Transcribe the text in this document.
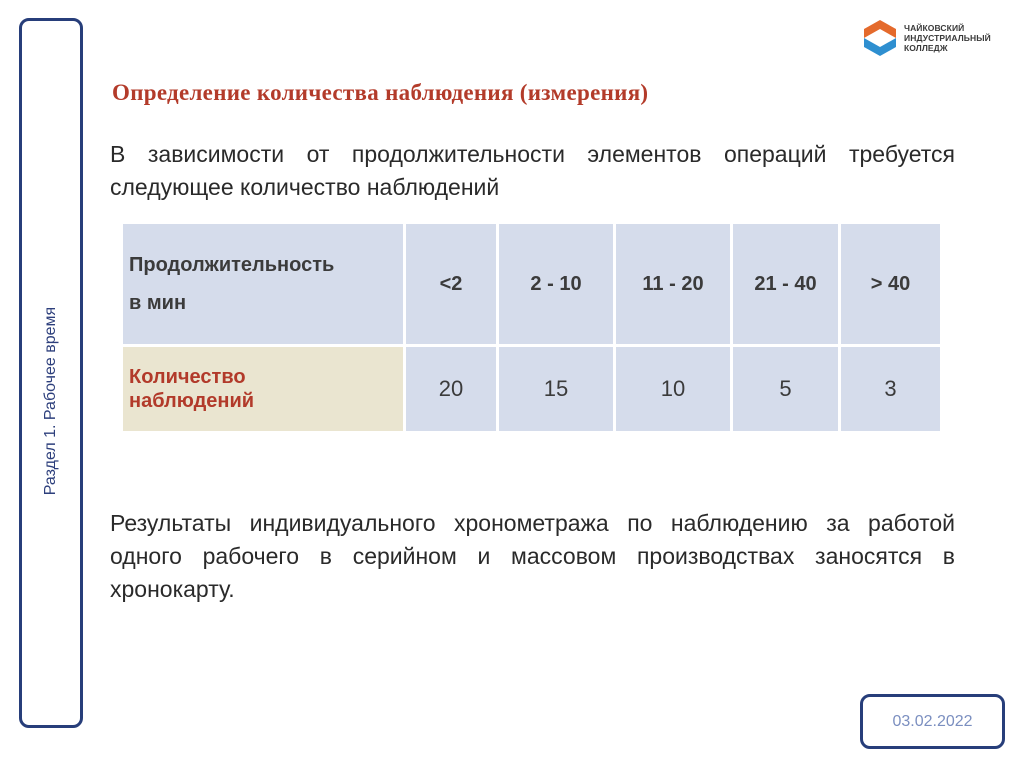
Раздел 1. Рабочее время
ЧАЙКОВСКИЙ
ИНДУСТРИАЛЬНЫЙ
КОЛЛЕДЖ
Определение количества наблюдения (измерения)
В зависимости от продолжительности элементов операций требуется следующее количество наблюдений
Продолжительность
в мин	<2	2 - 10	11 - 20	21 - 40	> 40

Количество
наблюдений	20	15	10	5	3
Результаты индивидуального хронометража по наблюдению за работой одного рабочего в серийном и массовом производствах заносятся в хронокарту.
03.02.2022
